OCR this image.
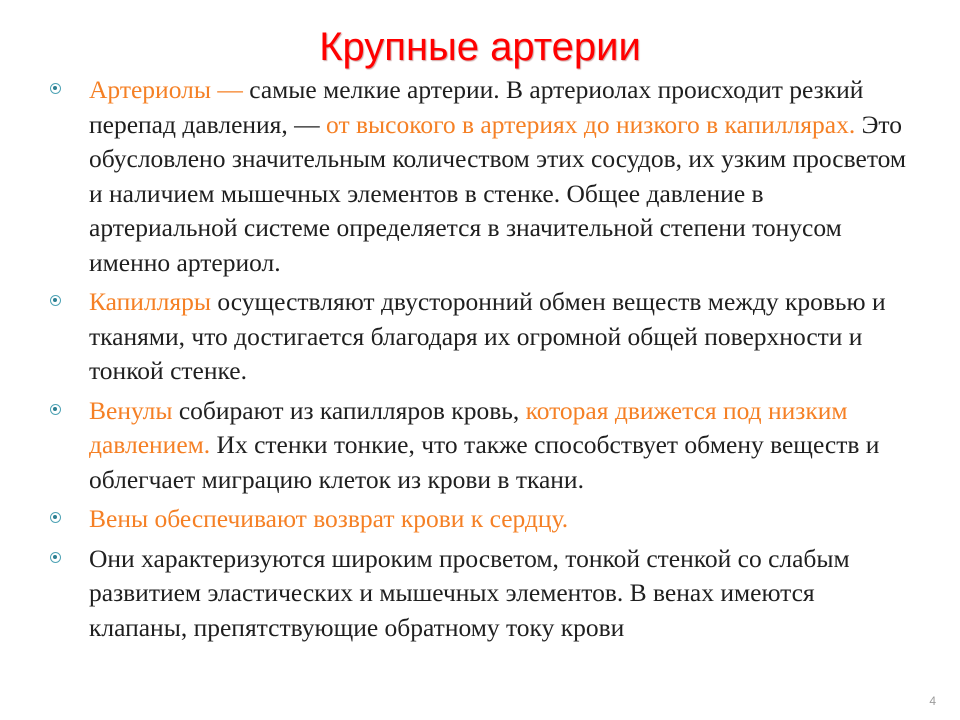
Крупные артерии
Артериолы — самые мелкие артерии. В артериолах происходит резкий перепад давления, — от высокого в артериях до низкого в капиллярах. Это обусловлено значительным количеством этих сосудов, их узким просветом и наличием мышечных элементов в стенке. Общее давление в артериальной системе определяется в значительной степени тонусом именно артериол.
Капилляры осуществляют двусторонний обмен веществ между кровью и тканями, что достигается благодаря их огромной общей поверхности и тонкой стенке.
Венулы собирают из капилляров кровь, которая движется под низким давлением. Их стенки тонкие, что также способствует обмену веществ и облегчает миграцию клеток из крови в ткани.
Вены обеспечивают возврат крови к сердцу.
Они характеризуются широким просветом, тонкой стенкой со слабым развитием эластических и мышечных элементов. В венах имеются клапаны, препятствующие обратному току крови
4
